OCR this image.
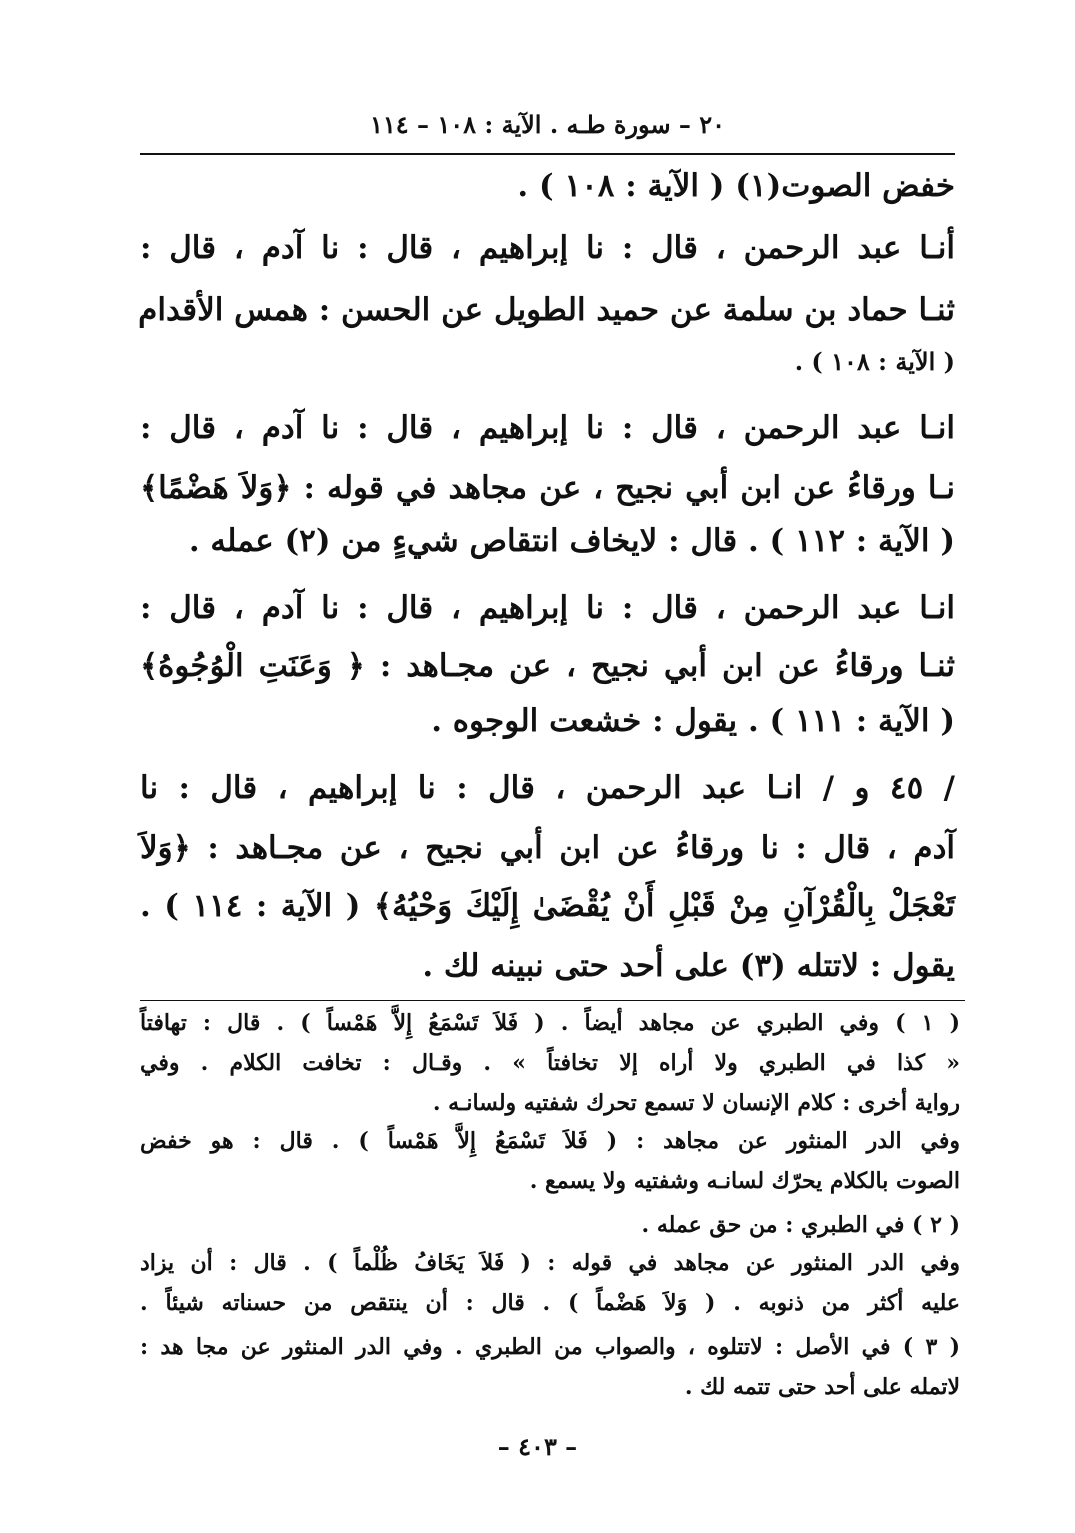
٢٠ – سورة طـه . الآية : ١٠٨ – ١١٤
خفض الصوت(١) ( الآية : ١٠٨ ) .
أنـا عبد الرحمن ، قال : نا إبراهيم ، قال : نا آدم ، قال :
ثنـا حماد بن سلمة عن حميد الطويل عن الحسن : همس الأقدام
( الآية : ١٠٨ ) .
انـا عبد الرحمن ، قال : نا إبراهيم ، قال : نا آدم ، قال :
نـا ورقاءُ عن ابن أبي نجيح ، عن مجاهد في قوله : ﴿وَلاَ هَضْمًا﴾
( الآية : ١١٢ ) . قال : لايخاف انتقاص شيءٍ من (٢) عمله .
انـا عبد الرحمن ، قال : نا إبراهيم ، قال : نا آدم ، قال :
ثنـا ورقاءُ عن ابن أبي نجيح ، عن مجـاهد : ﴿ وَعَنَتِ الْوُجُوهُ﴾
( الآية : ١١١ ) . يقول : خشعت الوجوه .
/ ٤٥ و / انـا عبد الرحمن ، قال : نا إبراهيم ، قال : نا
آدم ، قال : نا ورقاءُ عن ابن أبي نجيح ، عن مجـاهد : ﴿وَلاَ
تَعْجَلْ بِالْقُرْآنِ مِنْ قَبْلِ أَنْ يُقْضَىٰ إِلَيْكَ وَحْيُهُ﴾ ( الآية : ١١٤ ) .
يقول : لاتتله (٣) على أحد حتى نبينه لك .
( ١ ) وفي الطبري عن مجاهد أيضاً . ( فَلاَ تَسْمَعُ إِلاَّ هَمْساً ) . قال : تهافتاً
« كذا في الطبري ولا أراه إلا تخافتاً » . وقـال : تخافت الكلام . وفي
رواية أخرى : كلام الإنسان لا تسمع تحرك شفتيه ولسانـه .
وفي الدر المنثور عن مجاهد : ( فَلاَ تَسْمَعُ إِلاَّ هَمْساً ) . قال : هو خفض
الصوت بالكلام يحرّك لسانـه وشفتيه ولا يسمع .
( ٢ ) في الطبري : من حق عمله .
وفي الدر المنثور عن مجاهد في قوله : ( فَلاَ يَخَافُ ظُلْماً ) . قال : أن يزاد
عليه أكثر من ذنوبه . ( وَلاَ هَضْماً ) . قال : أن ينتقص من حسناته شيئاً .
( ٣ ) في الأصل : لاتتلوه ، والصواب من الطبري . وفي الدر المنثور عن مجا هد :
لاتمله على أحد حتى تتمه لك .
– ٤٠٣ –
